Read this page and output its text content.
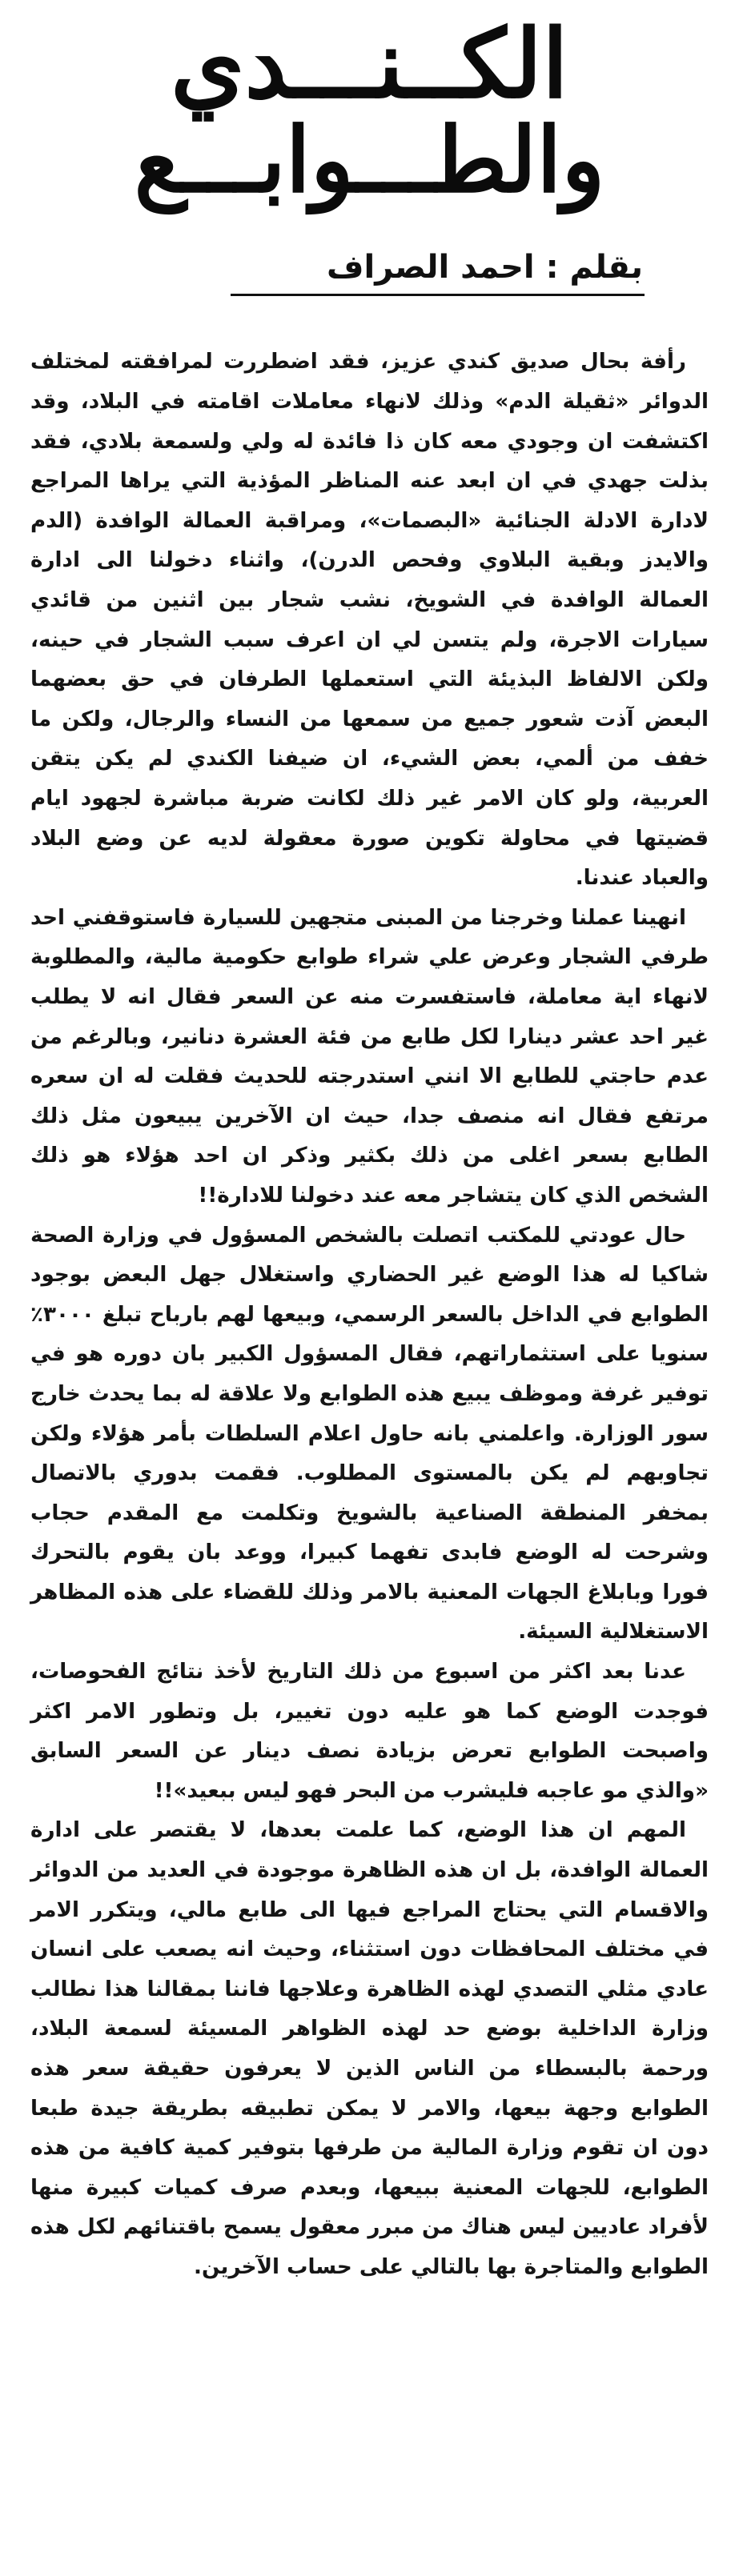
الكــنـــدي
والطـــوابـــع
بقلم : احمد الصراف

رأفة بحال صديق كندي عزيز، فقد اضطررت لمرافقته لمختلف الدوائر «ثقيلة الدم» وذلك لانهاء معاملات اقامته في البلاد، وقد اكتشفت ان وجودي معه كان ذا فائدة له ولي ولسمعة بلادي، فقد بذلت جهدي في ان ابعد عنه المناظر المؤذية التي يراها المراجع لادارة الادلة الجنائية «البصمات»، ومراقبة العمالة الوافدة (الدم والايدز وبقية البلاوي وفحص الدرن)، واثناء دخولنا الى ادارة العمالة الوافدة في الشويخ، نشب شجار بين اثنين من قائدي سيارات الاجرة، ولم يتسن لي ان اعرف سبب الشجار في حينه، ولكن الالفاظ البذيئة التي استعملها الطرفان في حق بعضهما البعض آذت شعور جميع من سمعها من النساء والرجال، ولكن ما خفف من ألمي، بعض الشيء، ان ضيفنا الكندي لم يكن يتقن العربية، ولو كان الامر غير ذلك لكانت ضربة مباشرة لجهود ايام قضيتها في محاولة تكوين صورة معقولة لديه عن وضع البلاد والعباد عندنا.

انهينا عملنا وخرجنا من المبنى متجهين للسيارة فاستوقفني احد طرفي الشجار وعرض علي شراء طوابع حكومية مالية، والمطلوبة لانهاء اية معاملة، فاستفسرت منه عن السعر فقال انه لا يطلب غير احد عشر دينارا لكل طابع من فئة العشرة دنانير، وبالرغم من عدم حاجتي للطابع الا انني استدرجته للحديث فقلت له ان سعره مرتفع فقال انه منصف جدا، حيث ان الآخرين يبيعون مثل ذلك الطابع بسعر اغلى من ذلك بكثير وذكر ان احد هؤلاء هو ذلك الشخص الذي كان يتشاجر معه عند دخولنا للادارة!!

حال عودتي للمكتب اتصلت بالشخص المسؤول في وزارة الصحة شاكيا له هذا الوضع غير الحضاري واستغلال جهل البعض بوجود الطوابع في الداخل بالسعر الرسمي، وبيعها لهم بارباح تبلغ ٣٠٠٠٪ سنويا على استثماراتهم، فقال المسؤول الكبير بان دوره هو في توفير غرفة وموظف يبيع هذه الطوابع ولا علاقة له بما يحدث خارج سور الوزارة. واعلمني بانه حاول اعلام السلطات بأمر هؤلاء ولكن تجاوبهم لم يكن بالمستوى المطلوب. فقمت بدوري بالاتصال بمخفر المنطقة الصناعية بالشويخ وتكلمت مع المقدم حجاب وشرحت له الوضع فابدى تفهما كبيرا، ووعد بان يقوم بالتحرك فورا وبابلاغ الجهات المعنية بالامر وذلك للقضاء على هذه المظاهر الاستغلالية السيئة.

عدنا بعد اكثر من اسبوع من ذلك التاريخ لأخذ نتائج الفحوصات، فوجدت الوضع كما هو عليه دون تغيير، بل وتطور الامر اكثر واصبحت الطوابع تعرض بزيادة نصف دينار عن السعر السابق «والذي مو عاجبه فليشرب من البحر فهو ليس ببعيد»!!

المهم ان هذا الوضع، كما علمت بعدها، لا يقتصر على ادارة العمالة الوافدة، بل ان هذه الظاهرة موجودة في العديد من الدوائر والاقسام التي يحتاج المراجع فيها الى طابع مالي، ويتكرر الامر في مختلف المحافظات دون استثناء، وحيث انه يصعب على انسان عادي مثلي التصدي لهذه الظاهرة وعلاجها فاننا بمقالنا هذا نطالب وزارة الداخلية بوضع حد لهذه الظواهر المسيئة لسمعة البلاد، ورحمة بالبسطاء من الناس الذين لا يعرفون حقيقة سعر هذه الطوابع وجهة بيعها، والامر لا يمكن تطبيقه بطريقة جيدة طبعا دون ان تقوم وزارة المالية من طرفها بتوفير كمية كافية من هذه الطوابع، للجهات المعنية ببيعها، وبعدم صرف كميات كبيرة منها لأفراد عاديين ليس هناك من مبرر معقول يسمح باقتنائهم لكل هذه الطوابع والمتاجرة بها بالتالي على حساب الآخرين.
